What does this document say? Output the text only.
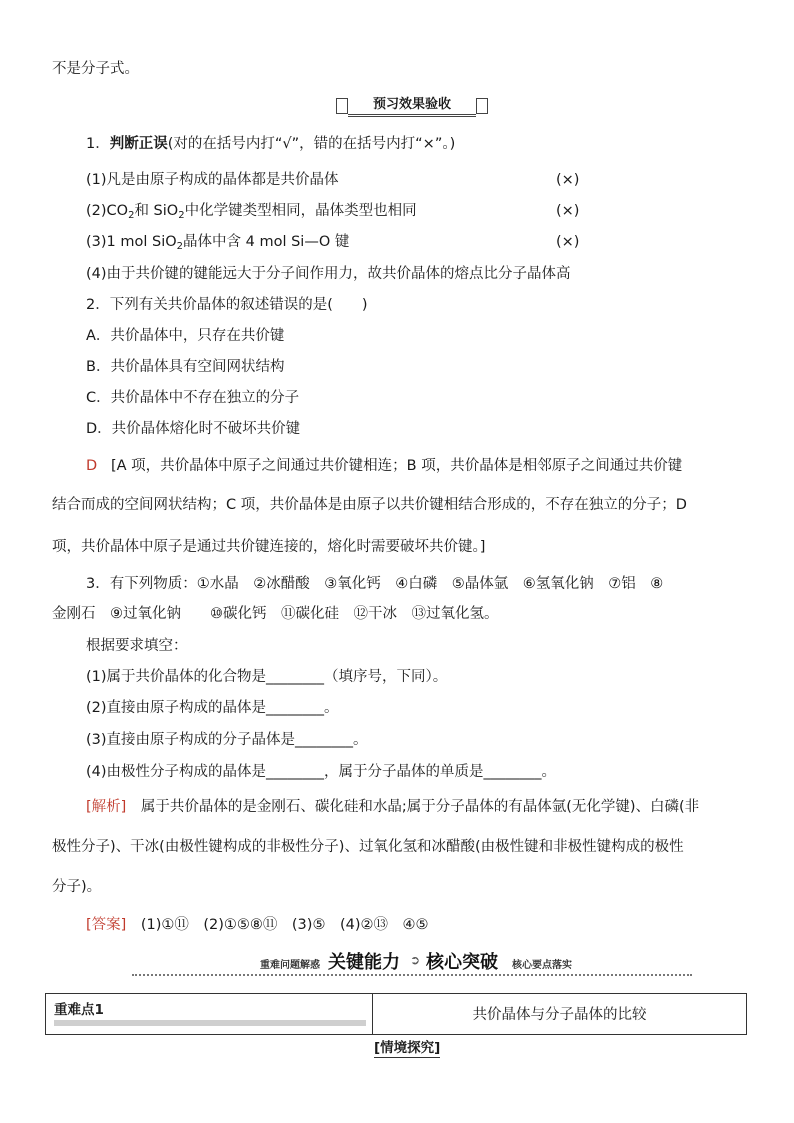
不是分子式。
预习效果验收
1．判断正误(对的在括号内打“√”，错的在括号内打“×”。)
(1)凡是由原子构成的晶体都是共价晶体	(×)
$(2)CO_2$和 SiO$_2$中化学键类型相同，晶体类型也相同	(×)
(3)1 mol SiO$_2$晶体中含 4 mol Si—O 键	(×)
(4)由于共价键的键能远大于分子间作用力，故共价晶体的熔点比分子晶体高
2．下列有关共价晶体的叙述错误的是(　　)
A．共价晶体中，只存在共价键
B．共价晶体具有空间网状结构
C．共价晶体中不存在独立的分子
D．共价晶体熔化时不破坏共价键
D [A 项，共价晶体中原子之间通过共价键相连；B 项，共价晶体是相邻原子之间通过共价键
结合而成的空间网状结构；C 项，共价晶体是由原子以共价键相结合形成的，不存在独立的分子；D
项，共价晶体中原子是通过共价键连接的，熔化时需要破坏共价键。]
3．有下列物质：①水晶　②冰醋酸　③氧化钙　④白磷　⑤晶体氩　⑥氢氧化钠　⑦铝　⑧
金刚石　⑨过氧化钠　　⑩碳化钙　⑪碳化硅　⑫干冰　⑬过氧化氢。
根据要求填空：
(1)属于共价晶体的化合物是________（填序号，下同）。
(2)直接由原子构成的晶体是________。
(3)直接由原子构成的分子晶体是________。
(4)由极性分子构成的晶体是________，属于分子晶体的单质是________。
[解析]　属于共价晶体的是金刚石、碳化硅和水晶;属于分子晶体的有晶体氩(无化学键)、白磷(非
极性分子)、干冰(由极性键构成的非极性分子)、过氧化氢和冰醋酸(由极性键和非极性键构成的极性
分子)。
[答案]　(1)①⑪　(2)①⑤⑧⑪　(3)⑤　(4)②⑬　④⑤
重难问题解惑 关键能力 ➲ 核心突破 核心要点落实
重难点1	共价晶体与分子晶体的比较
[情境探究]
